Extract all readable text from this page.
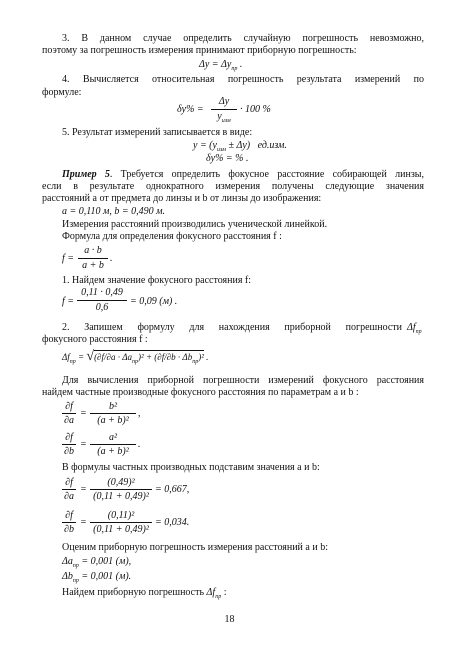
3. В данном случае определить случайную погрешность невозможно,
поэтому за погрешность измерения принимают приборную погрешность:
$\Delta y = \Delta y_{пр}$ .
4. Вычисляется относительная погрешность результата измерений по
формуле:
δy% =
Δy
$y_{изм}$
· 100 %
5. Результат измерений записывается в виде:
$y = (y_{изм} \pm \Delta y)$ ед.изм.
δy% = % .
Пример 5. Требуется определить фокусное расстояние собирающей линзы,
если в результате однократного измерения получены следующие значения
расстояний a от предмета до линзы и b от линзы до изображения:
a = 0,110 м, b = 0,490 м.
Измерения расстояний производились ученической линейкой.
Формула для определения фокусного расстояния f :
f =
a · b
a + b
.
1. Найдем значение фокусного расстояния f:
f =
0,11 · 0,49
0,6
= 0,09 (м) .
2. Запишем формулу для нахождения приборной погрешности $\Delta f_{пр}$
фокусного расстояния f :
$\Delta f_{пр} = √(\partial f/\partial a \cdot \Delta a_{пр})^2 + (\partial f/\partial b \cdot \Delta b_{пр})^2$ .
Для вычисления приборной погрешности измерений фокусного расстояния
найдем частные производные фокусного расстояния по параметрам a и b :
∂f
∂a
=
b²
(a + b)²
,
∂f
∂b
=
a²
(a + b)²
.
В формулы частных производных подставим значения a и b:
∂f
∂a
=
(0,49)²
(0,11 + 0,49)²
= 0,667,
∂f
∂b
=
(0,11)²
(0,11 + 0,49)²
= 0,034.
Оценим приборную погрешность измерения расстояний a и b:
$\Delta a_{пр} = 0,001$ (м),
$\Delta b_{пр} = 0,001$ (м).
Найдем приборную погрешность $\Delta f_{пр}$ :
18
